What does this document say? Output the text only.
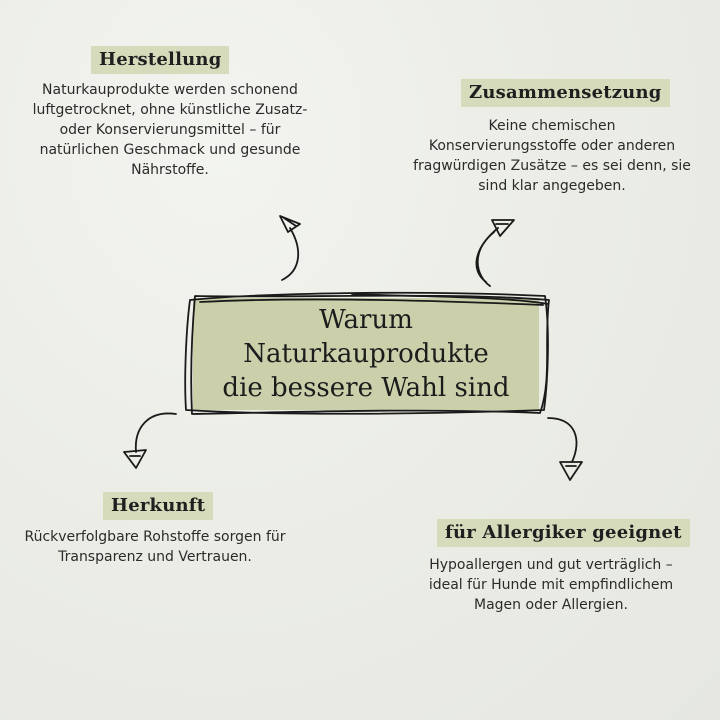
Warum Naturkauprodukte
die bessere Wahl sind
Herstellung
Naturkauprodukte werden schonend
luftgetrocknet, ohne künstliche Zusatz-
oder Konservierungsmittel – für
natürlichen Geschmack und gesunde
Nährstoffe.
Zusammensetzung
Keine chemischen
Konservierungsstoffe oder anderen
fragwürdigen Zusätze – es sei denn, sie
sind klar angegeben.
Herkunft
Rückverfolgbare Rohstoffe sorgen für
Transparenz und Vertrauen.
für Allergiker geeignet
Hypoallergen und gut verträglich –
ideal für Hunde mit empfindlichem
Magen oder Allergien.
